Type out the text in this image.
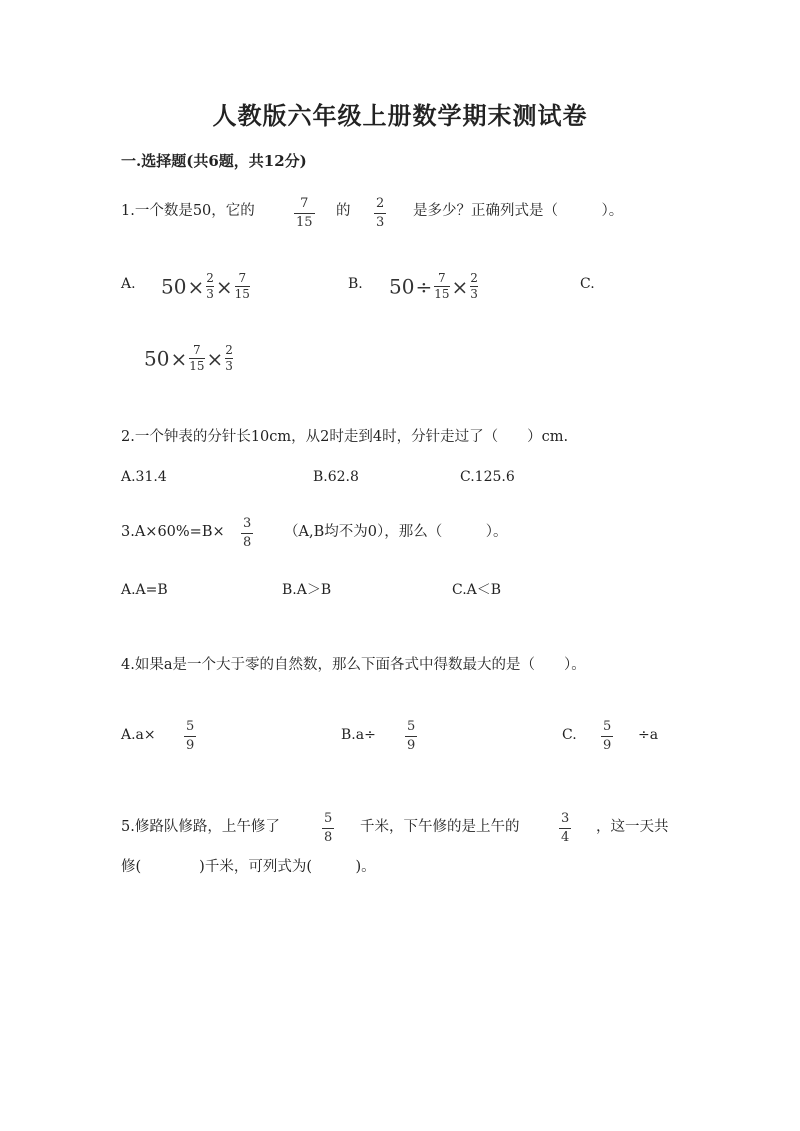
人教版六年级上册数学期末测试卷
一.选择题(共6题，共12分)
1.一个数是50，它的	7
15
的 2
3
是多少？正确列式是（　　　）。
A. $50\times \frac{2}{3} \times \frac{7}{15}$	B. $50\div \frac{7}{15} \times \frac{2}{3}$	C.
$50\times \frac{7}{15} \times \frac{2}{3}$
2.一个钟表的分针长10cm，从2时走到4时，分针走过了（　　）cm.
A.31.4	B.62.8	C.125.6
3.A×60%=B×
3
8
（A,B均不为0），那么（　　　）。
A.A=B	B.A＞B	C.A＜B
4.如果a是一个大于零的自然数，那么下面各式中得数最大的是（　　）。
A.a×
5
9
B.a÷
5
9
C.
5
9
÷a
5.修路队修路，上午修了
5
8
千米，下午修的是上午的
3
4
，这一天共
修(　　　　)千米，可列式为(　　　)。
